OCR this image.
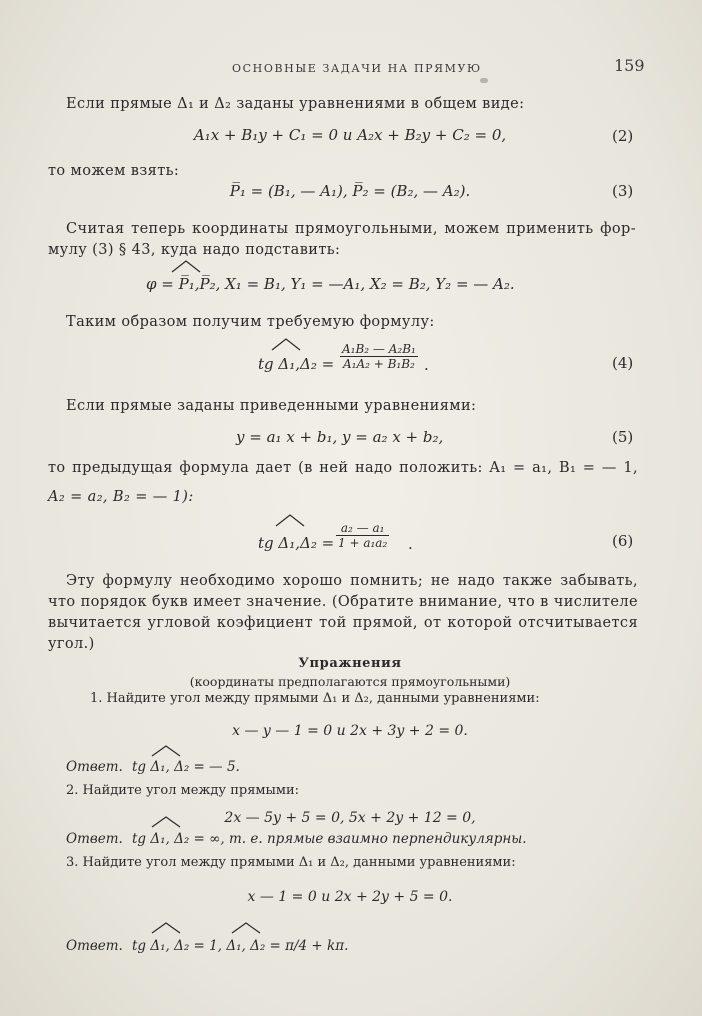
ОСНОВНЫЕ ЗАДАЧИ НА ПРЯМУЮ	159
Если прямые Δ₁ и Δ₂ заданы уравнениями в общем виде:
A₁x + B₁y + C₁ = 0 и A₂x + B₂y + C₂ = 0,	(2)
то можем взять:
P̅₁ = (B₁, — A₁), P̅₂ = (B₂, — A₂).	(3)
Считая теперь координаты прямоугольными, можем применить фор-
мулу (3) § 43, куда надо подставить:
φ = P̅₁,P̅₂, X₁ = B₁, Y₁ = —A₁, X₂ = B₂, Y₂ = — A₂.
Таким образом получим требуемую формулу:
tg $\Delta_1,\Delta_2 = \frac{\text{A₁B₂ — A₂B₁}}{\text{A₁A₂ + B₁B₂}}$ .	(4)
Если прямые заданы приведенными уравнениями:
y = a₁ x + b₁, y = a₂ x + b₂,	(5)
то предыдущая формула дает (в ней надо положить: A₁ = a₁, B₁ = — 1,
A₂ = a₂, B₂ = — 1):
tg $\Delta_1,\Delta_2 = \frac{\text{a₂ — a₁}}{\text{1 + a₁a₂}}$ .	(6)
Эту формулу необходимо хорошо помнить; не надо также забывать,
что порядок букв имеет значение. (Обратите внимание, что в числителе
вычитается угловой коэфициент той прямой, от которой отсчитывается
угол.)
Упражнения
(координаты предполагаются прямоугольными)
1. Найдите угол между прямыми Δ₁ и Δ₂, данными уравнениями:
x — y — 1 = 0 и 2x + 3y + 2 = 0.
Ответ. tg Δ₁, Δ₂ = — 5.
2. Найдите угол между прямыми:
2x — 5y + 5 = 0, 5x + 2y + 12 = 0,
Ответ. tg Δ₁, Δ₂ = ∞, т. е. прямые взаимно перпендикулярны.
3. Найдите угол между прямыми Δ₁ и Δ₂, данными уравнениями:
x — 1 = 0 и 2x + 2y + 5 = 0.
Ответ. tg Δ₁, Δ₂ = 1, Δ₁, Δ₂ = π/4 + kπ.
